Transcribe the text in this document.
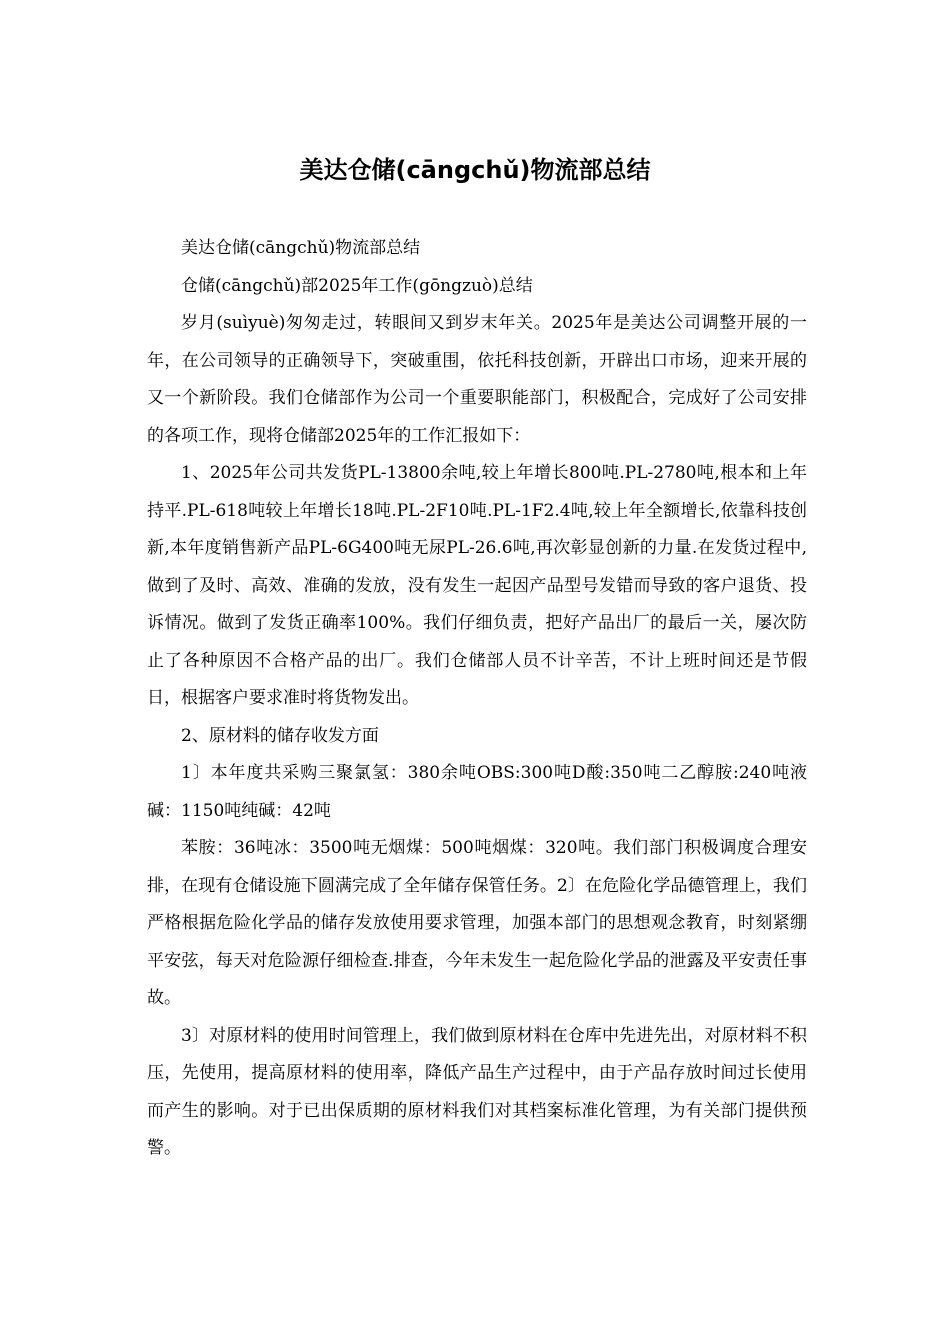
美达仓储(cāngchǔ)物流部总结

美达仓储(cāngchǔ)物流部总结

仓储(cāngchǔ)部2025年工作(gōngzuò)总结

岁月(suìyuè)匆匆走过，转眼间又到岁末年关。2025年是美达公司调整开展的一年，在公司领导的正确领导下，突破重围，依托科技创新，开辟出口市场，迎来开展的又一个新阶段。我们仓储部作为公司一个重要职能部门，积极配合，完成好了公司安排的各项工作，现将仓储部2025年的工作汇报如下：

1、2025年公司共发货PL-13800余吨,较上年增长800吨.PL-2780吨,根本和上年持平.PL-618吨较上年增长18吨.PL-2F10吨.PL-1F2.4吨,较上年全额增长,依靠科技创新,本年度销售新产品PL-6G400吨无尿PL-26.6吨,再次彰显创新的力量.在发货过程中,做到了及时、高效、准确的发放，没有发生一起因产品型号发错而导致的客户退货、投诉情况。做到了发货正确率100%。我们仔细负责，把好产品出厂的最后一关，屡次防止了各种原因不合格产品的出厂。我们仓储部人员不计辛苦，不计上班时间还是节假日，根据客户要求准时将货物发出。

2、原材料的储存收发方面

1〕本年度共采购三聚氯氢：380余吨OBS:300吨D酸:350吨二乙醇胺:240吨液碱：1150吨纯碱：42吨

苯胺：36吨冰：3500吨无烟煤：500吨烟煤：320吨。我们部门积极调度合理安排，在现有仓储设施下圆满完成了全年储存保管任务。2〕在危险化学品德管理上，我们严格根据危险化学品的储存发放使用要求管理，加强本部门的思想观念教育，时刻紧绷平安弦，每天对危险源仔细检查.排查，今年未发生一起危险化学品的泄露及平安责任事故。

3〕对原材料的使用时间管理上，我们做到原材料在仓库中先进先出，对原材料不积压，先使用，提高原材料的使用率，降低产品生产过程中，由于产品存放时间过长使用而产生的影响。对于已出保质期的原材料我们对其档案标准化管理，为有关部门提供预警。
